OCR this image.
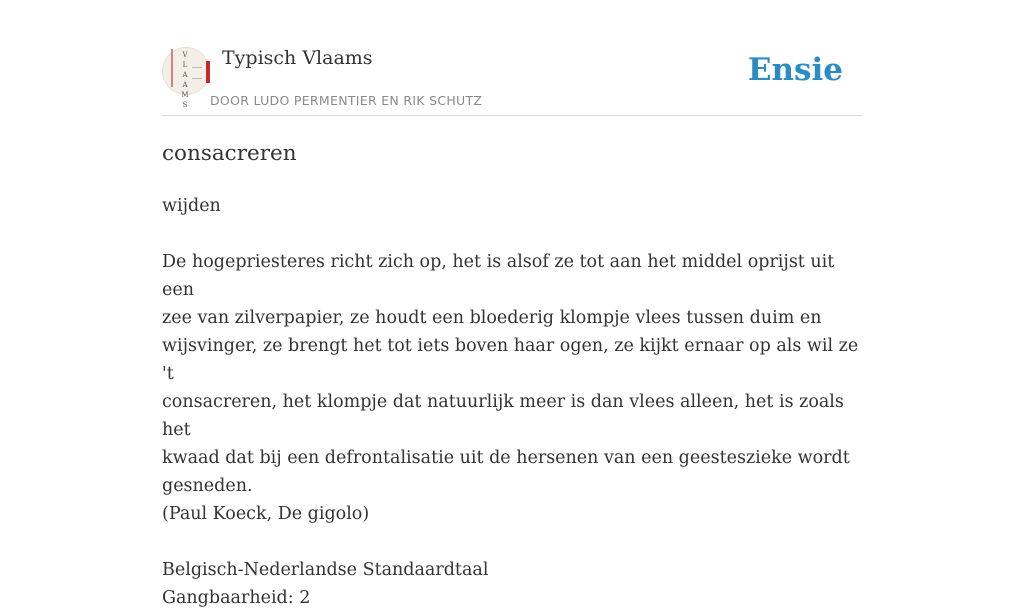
V
L
A
A
M
S
Typisch Vlaams
DOOR LUDO PERMENTIER EN RIK SCHUTZ
Ensie
consacreren

wijden

De hogepriesteres richt zich op, het is alsof ze tot aan het middel oprijst uit een

zee van zilverpapier, ze houdt een bloederig klompje vlees tussen duim en

wijsvinger, ze brengt het tot iets boven haar ogen, ze kijkt ernaar op als wil ze 't

consacreren, het klompje dat natuurlijk meer is dan vlees alleen, het is zoals het

kwaad dat bij een defrontalisatie uit de hersenen van een geesteszieke wordt

gesneden.

(Paul Koeck, De gigolo)

Belgisch-Nederlandse Standaardtaal

Gangbaarheid: 2
